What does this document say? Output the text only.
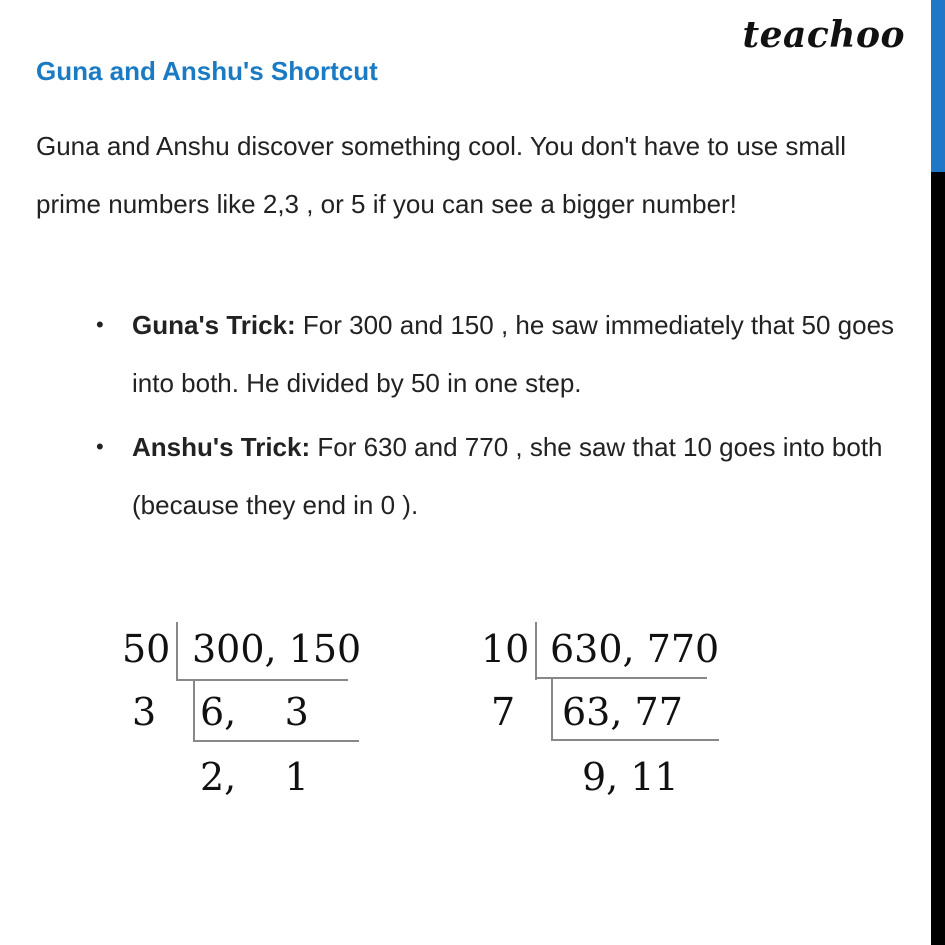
teachoo
Guna and Anshu's Shortcut
Guna and Anshu discover something cool. You don't have to use small prime numbers like 2,3 , or 5 if you can see a bigger number!
• Guna's Trick: For 300 and 150 , he saw immediately that 50 goes into both. He divided by 50 in one step.
• Anshu's Trick: For 630 and 770 , she saw that 10 goes into both (because they end in 0 ).
50 300, 150
3 6,    3
2,    1
10 630, 770
7 63, 77
9, 11
